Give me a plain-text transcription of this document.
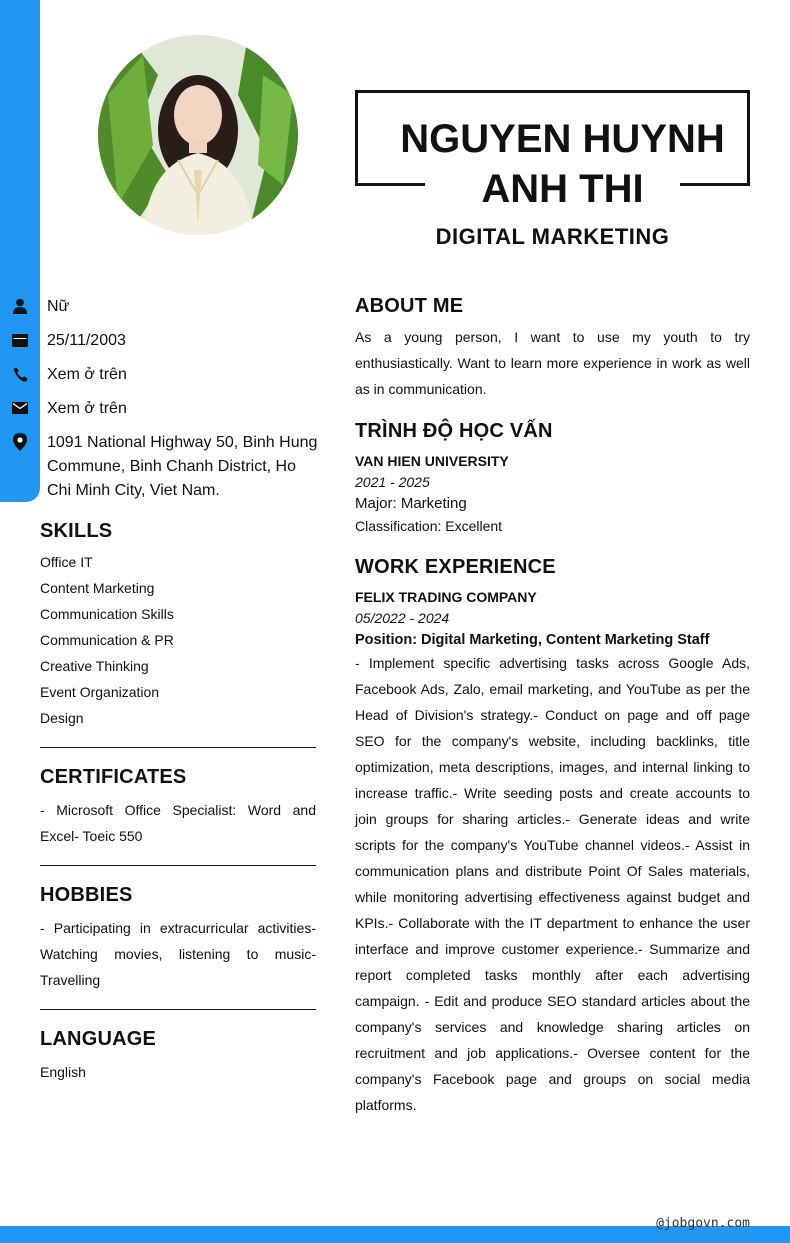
NGUYEN HUYNH ANH THI
DIGITAL MARKETING
Nữ
25/11/2003
Xem ở trên
Xem ở trên
1091 National Highway 50, Binh Hung Commune, Binh Chanh District, Ho Chi Minh City, Viet Nam.
SKILLS
Office IT
Content Marketing
Communication Skills
Communication & PR
Creative Thinking
Event Organization
Design
CERTIFICATES

- Microsoft Office Specialist: Word and Excel- Toeic 550

HOBBIES

- Participating in extracurricular activities- Watching movies, listening to music- Travelling

LANGUAGE

English

ABOUT ME

As a young person, I want to use my youth to try enthusiastically. Want to learn more experience in work as well as in communication.

TRÌNH ĐỘ HỌC VẤN
VAN HIEN UNIVERSITY
2021 - 2025
Major: Marketing
Classification: Excellent
WORK EXPERIENCE
FELIX TRADING COMPANY
05/2022 - 2024
Position: Digital Marketing, Content Marketing Staff

- Implement specific advertising tasks across Google Ads, Facebook Ads, Zalo, email marketing, and YouTube as per the Head of Division's strategy.- Conduct on page and off page SEO for the company's website, including backlinks, title optimization, meta descriptions, images, and internal linking to increase traffic.- Write seeding posts and create accounts to join groups for sharing articles.- Generate ideas and write scripts for the company's YouTube channel videos.- Assist in communication plans and distribute Point Of Sales materials, while monitoring advertising effectiveness against budget and KPIs.- Collaborate with the IT department to enhance the user interface and improve customer experience.- Summarize and report completed tasks monthly after each advertising campaign. - Edit and produce SEO standard articles about the company's services and knowledge sharing articles on recruitment and job applications.- Oversee content for the company's Facebook page and groups on social media platforms.

@jobgovn.com
